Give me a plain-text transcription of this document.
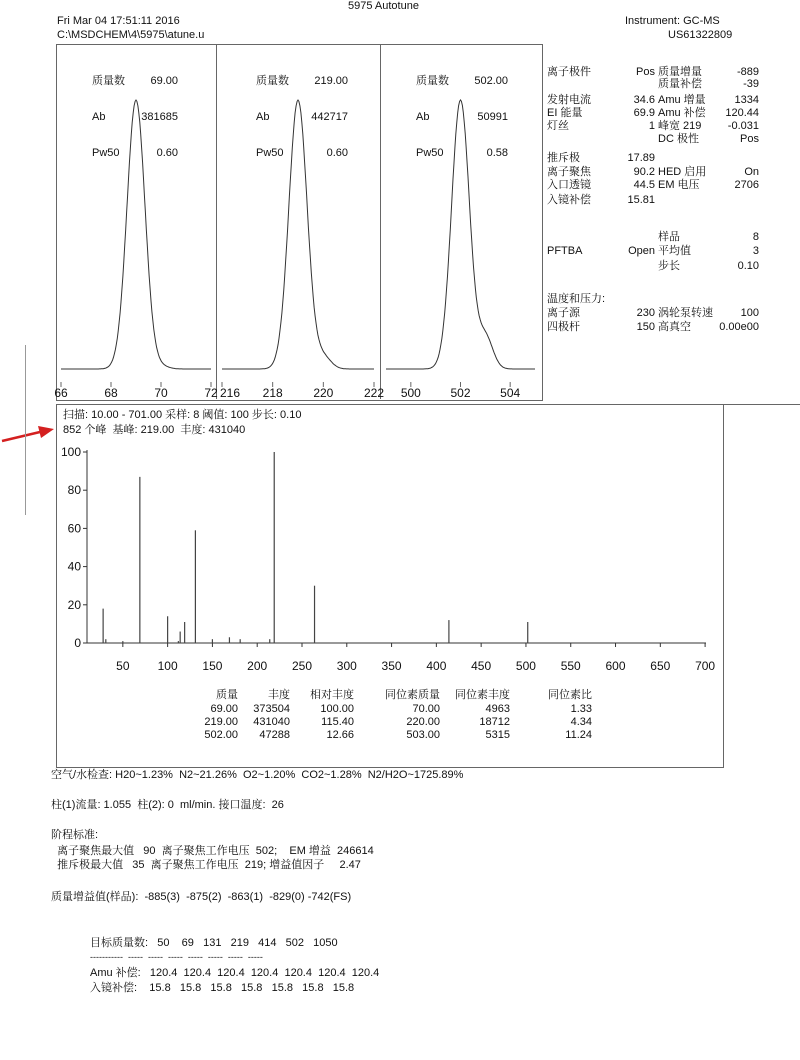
5975 Autotune
Fri Mar 04 17:51:11 2016
C:\MSDCHEM\4\5975\atune.u
Instrument: GC-MS
US61322809

质量数	69.00

Ab	381685

Pw50	0.60

质量数	219.00

Ab	442717

Pw50	0.60

质量数	502.00

Ab	50991

Pw50	0.58

66	68	70	72 216 218	220	222 500 502 504
离子极件	Pos 质量增量	-889
质量补偿	-39
发射电流	34.6 Amu 增量	1334
EI 能量	69.9 Amu 补偿	120.44
灯丝	1 峰宽 219	-0.031
DC 极性	Pos
推斥极	17.89
离子聚焦	90.2 HED 启用	On
入口透镜	44.5 EM 电压	2706
入镜补偿	15.81
样品	8
PFTBA	Open 平均值	3
步长	0.10
温度和压力:
离子源	230 涡轮泵转速	100
四极杆	150 高真空	0.00e00
扫描: 10.00 - 701.00 采样: 8 阈值: 100 步长: 0.10
852 个峰  基峰: 219.00  丰度: 431040
0
20
40
60
80
100
50 100 150 200 250 300 350 400 450 500 550 600 650 700
质量	丰度 相对丰度	同位素质量 同位素丰度	同位素比
69.00 373504	100.00	70.00	4963	1.33
219.00 431040	115.40	220.00	18712	4.34
502.00 47288	12.66	503.00	5315	11.24
空气/水检查: H20~1.23%  N2~21.26%  O2~1.20%  CO2~1.28%  N2/H2O~1725.89%
柱(1)流量: 1.055  柱(2): 0  ml/min. 接口温度:  26
阶程标准:
离子聚焦最大值   90  离子聚焦工作电压  502;    EM 增益  246614
推斥极最大值   35  离子聚焦工作电压  219; 增益值因子     2.47
质量增益值(样品):  -885(3)  -875(2)  -863(1)  -829(0) -742(FS)
目标质量数:   50    69   131   219   414   502   1050
-----------  -----  -----  -----  -----  -----  -----  -----
Amu 补偿:   120.4  120.4  120.4  120.4  120.4  120.4  120.4
入镜补偿:    15.8   15.8   15.8   15.8   15.8   15.8   15.8
